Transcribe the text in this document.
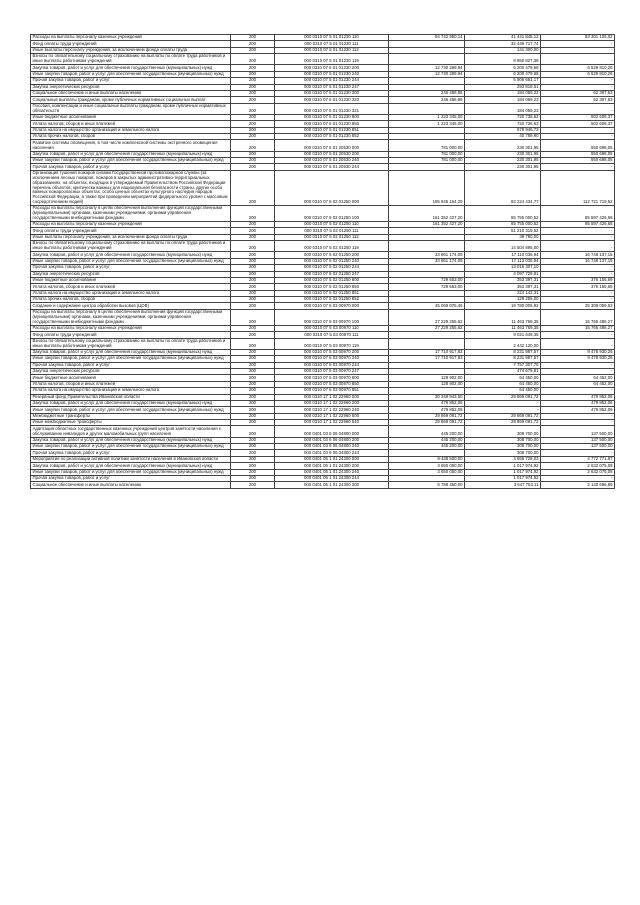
Расходы на выплаты персоналу казенных учреждений	200	000 0310 07 5 01 01230 110	94 742 950,14	41 441 845,12	53 301 105,02
Фонд оплаты труда учреждений	200	000 0310 07 5 01 01230 111		32 449 717,74	-
Иные выплаты персоналу учреждений, за исключением фонда оплаты труда	200	000 0310 07 5 01 01230 112		141 300,00	-
Взносы по обязательному социальному страхованию на выплаты по оплате труда работников и иные выплаты работникам учреждений	200	000 0310 07 5 01 01230 119		8 850 827,38	-
Закупка товаров, работ и услуг для обеспечения государственных (муниципальных) нужд	200	000 0310 07 5 01 01230 200	12 730 289,94	6 200 479,68	6 529 810,26
Иные закупки товаров, работ и услуг для обеспечения государственных (муниципальных) нужд	200	000 0310 07 5 01 01230 240	12 730 289,94	6 200 479,68	6 529 810,26
Прочая закупка товаров, работ и услуг	200	000 0310 07 5 01 01230 244		5 906 661,17	-
Закупка энергетических ресурсов	200	000 0310 07 5 01 01230 247		293 818,51	-
Социальное обеспечение и иные выплаты населению	200	000 0310 07 5 01 01230 300	246 456,86	184 059,23	62 397,63
Социальные выплаты гражданам, кроме публичных нормативных социальных выплат	200	000 0310 07 5 01 01230 320	246 456,86	184 059,23	62 397,63
Пособия, компенсации и иные социальные выплаты гражданам, кроме публичных нормативных обязательств	200	000 0310 07 5 01 01230 321		184 059,23	-
Иные бюджетные ассигнования	200	000 0310 07 5 01 01230 800	1 223 345,00	720 736,63	502 608,37
Уплата налогов, сборов и иных платежей	200	000 0310 07 5 01 01230 850	1 223 345,00	720 736,63	502 608,37
Уплата налога на имущество организаций и земельного налога	200	000 0310 07 5 01 01230 851		679 946,73	-
Уплата прочих налогов, сборов	200	000 0310 07 5 01 01230 852		40 789,90	-
Развитие системы оповещения, в том числе комплексной системы экстренного оповещения населения	200	000 0310 07 5 01 20530 000	781 000,00	230 301,95	550 698,05
Закупка товаров, работ и услуг для обеспечения государственных (муниципальных) нужд	200	000 0310 07 5 01 20530 200	781 000,00	230 301,95	550 698,05
Иные закупки товаров, работ и услуг для обеспечения государственных (муниципальных) нужд	200	000 0310 07 5 01 20530 240	781 000,00	230 301,95	550 698,05
Прочая закупка товаров, работ и услуг	200	000 0310 07 5 01 20530 244		230 301,95	-
Организация тушения пожаров силами Государственной противопожарной службы (за исключением лесных пожаров, пожаров в закрытых административно-территориальных образованиях, на объектах, входящих в утверждаемый Правительством Российской Федерации перечень объектов, критически важных для национальной безопасности страны, других особо важных пожароопасных объектах, особо ценных объектах культурного наследия народов Российской Федерации, а также при проведении мероприятий федерального уровня с массовым сосредоточением людей)	200	000 0310 07 5 02 01250 000	195 945 154,29	83 224 434,77	112 721 719,52
Расходы на выплаты персоналу в целях обеспечения выполнения функций государственными (муниципальными) органами, казенными учреждениями, органами управления государственными внебюджетными фондами	200	000 0310 07 5 02 01250 100	161 352 427,20	65 755 000,52	95 597 426,68
Расходы на выплаты персоналу казенных учреждений	200	000 0310 07 5 02 01250 110	161 352 427,20	65 755 000,52	95 597 426,68
Фонд оплаты труда учреждений	200	000 0310 07 5 02 01250 111		51 210 315,52	-
Иные выплаты персоналу учреждений, за исключением фонда оплаты труда	200	000 0310 07 5 02 01250 112		39 790,00	-
Взносы по обязательному социальному страхованию на выплаты по оплате труда работников и иные выплаты работникам учреждений	200	000 0310 07 5 02 01250 119		14 504 895,00	-
Закупка товаров, работ и услуг для обеспечения государственных (муниципальных) нужд	200	000 0310 07 5 02 01250 200	33 861 174,09	17 110 036,94	16 748 137,15
Иные закупки товаров, работ и услуг для обеспечения государственных (муниципальных) нужд	200	000 0310 07 5 02 01250 240	33 861 174,09	17 113 036,94	16 748 137,15
Прочая закупка товаров, работ и услуг	200	000 0310 07 5 02 01250 244		13 015 307,10	-
Закупка энергетических ресурсов	200	000 0310 07 5 02 01250 247		4 097 729,81	-
Иные бюджетные ассигнования	200	000 0310 07 5 02 01250 800	729 553,00	353 397,31	376 155,69
Уплата налогов, сборов и иных платежей	200	000 0310 07 5 02 01250 850	729 553,00	353 397,31	376 155,69
Уплата налога на имущество организаций и земельного налога	200	000 0310 07 5 02 01250 851		224 142,31	-
Уплата прочих налогов, сборов	200	000 0310 07 5 02 01250 852		129 255,00	-
Создание и содержание центра обработки вызовов (ЦОВ)	200	000 0310 07 5 03 00970 000	45 069 075,46	19 780 005,92	25 309 059,53
Расходы на выплаты персоналу в целях обеспечения выполнения функций государственными (муниципальными) органами, казенными учреждениями, органами управления государственными внебюджетными фондами	200	000 0310 07 5 03 00970 100	27 229 255,62	11 463 769,35	15 765 486,27
Расходы на выплаты персоналу казенных учреждений	200	000 0310 07 5 03 00970 110	27 229 255,62	11 463 769,35	15 765 486,27
Фонд оплаты труда учреждений	200	000 0310 07 5 03 00970 111		9 021 649,35	-
Взносы по обязательному социальному страхованию на выплаты по оплате труда работников и иные выплаты работникам учреждений	200	000 0310 07 5 03 00970 119		2 442 120,00	-
Закупка товаров, работ и услуг для обеспечения государственных (муниципальных) нужд	200	000 0310 07 5 03 00970 200	17 710 917,83	8 231 987,57	9 478 930,26
Иные закупки товаров, работ и услуг для обеспечения государственных (муниципальных) нужд	200	000 0310 07 5 03 00970 240	17 710 917,83	8 231 987,57	9 478 930,26
Прочая закупка товаров, работ и услуг	200	000 0310 07 5 03 00970 244		7 757 307,76	-
Закупка энергетических ресурсов	200	000 0310 07 5 03 00970 247		474 679,81	-
Иные бюджетные ассигнования	200	000 0310 07 5 03 00970 800	128 902,00	64 450,00	64 452,00
Уплата налогов, сборов и иных платежей	200	000 0310 07 5 03 00970 850	128 902,00	64 450,00	64 452,00
Уплата налога на имущество организаций и земельного налога	200	000 0310 07 5 03 00970 851		64 450,00	-
Резервный фонд Правительства Ивановской области	200	000 0310 17 1 02 22960 000	30 349 943,50	29 869 091,72	479 852,06
Закупка товаров, работ и услуг для обеспечения государственных (муниципальных) нужд	200	000 0310 17 1 02 22960 200	479 852,06	-	479 852,06
Иные закупки товаров, работ и услуг для обеспечения государственных (муниципальных) нужд	200	000 0310 17 1 02 22960 240	479 852,06	-	479 852,06
Межбюджетные трансферты	200	000 0310 17 1 02 22960 500	29 869 091,72	29 869 091,72	-
Иные межбюджетные трансферты	200	000 0310 17 1 02 22960 540	29 869 091,72	29 869 091,72	-
Адаптация областных государственных казенных учреждений центров занятости населения к обслуживанию инвалидов и других маломобильных групп населения	200	000 0401 03 6 06 04800 000	445 200,00	308 700,00	137 500,00
Закупка товаров, работ и услуг для обеспечения государственных (муниципальных) нужд	200	000 0401 03 6 06 04800 200	445 200,00	308 700,00	137 500,00
Иные закупки товаров, работ и услуг для обеспечения государственных (муниципальных) нужд	200	000 0401 03 6 06 04800 240	445 200,00	308 700,00	137 500,00
Прочая закупка товаров, работ и услуг	200	000 0401 03 6 06 04800 244		308 700,00	-
Мероприятия по реализации активной политики занятости населения в Ивановской области	200	000 0401 05 1 01 24300 000	9 438 500,00	4 665 728,03	4 772 771,97
Закупка товаров, работ и услуг для обеспечения государственных (муниципальных) нужд	200	000 0401 05 1 01 24300 200	3 650 050,00	1 017 974,92	2 632 075,08
Иные закупки товаров, работ и услуг для обеспечения государственных (муниципальных) нужд	200	000 0401 05 1 01 24300 240	3 650 050,00	1 017 974,92	2 632 075,08
Прочая закупка товаров, работ и услуг	200	000 0401 05 1 01 24300 244		1 017 974,92	-
Социальное обеспечение и иные выплаты населению	200	000 0401 05 1 01 24300 300	5 788 450,00	3 647 753,11	2 140 696,89
